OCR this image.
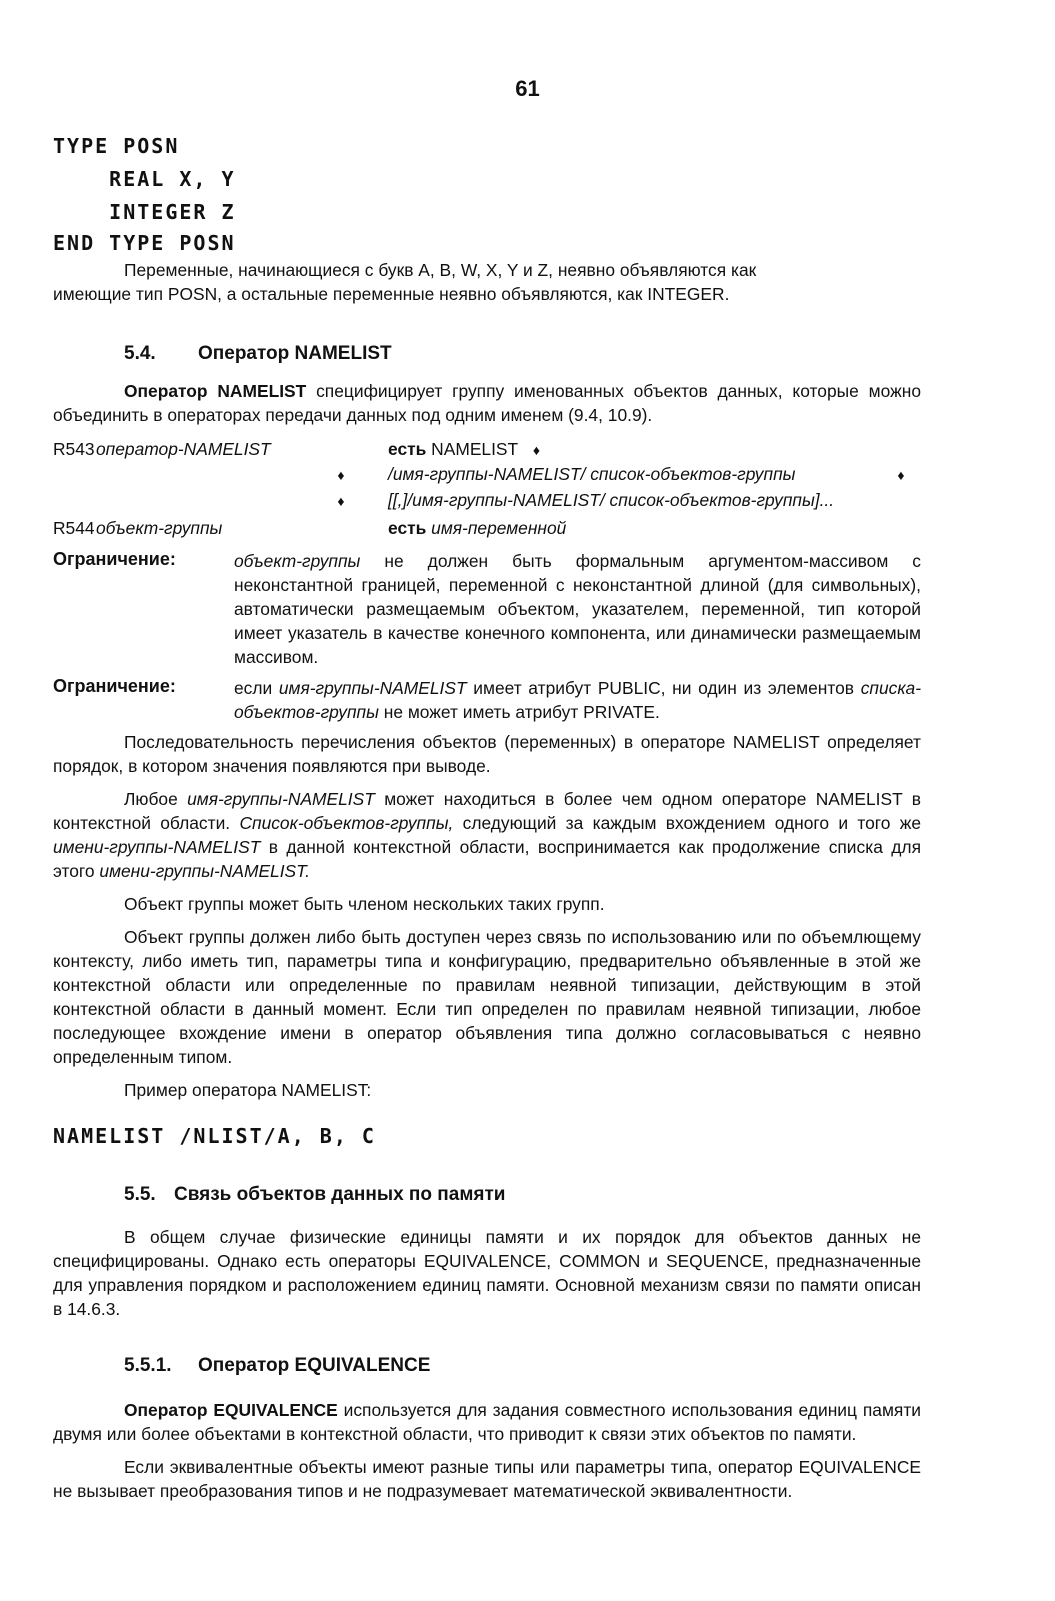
61
TYPE POSN
REAL X, Y
INTEGER Z
END TYPE POSN
Переменные, начинающиеся с букв A, B, W, X, Y и Z, неявно объявляются как
имеющие тип POSN, а остальные переменные неявно объявляются, как INTEGER.
5.4. Оператор NAMELIST

Оператор NAMELIST специфицирует группу именованных объектов данных, которые можно объединить в операторах передачи данных под одним именем (9.4, 10.9).

R543 оператор-NAMELIST	есть NAMELIST ♦
♦	/имя-группы-NAMELIST/ список-объектов-группы	♦
♦	[[,]/имя-группы-NAMELIST/ список-объектов-группы]...
R544 объект-группы	есть имя-переменной
Ограничение:	объект-группы не должен быть формальным аргументом-массивом с неконстантной границей, переменной с неконстантной длиной (для символьных), автоматически размещаемым объектом, указателем, переменной, тип которой имеет указатель в качестве конечного компонента, или динамически размещаемым массивом.
Ограничение:	если имя-группы-NAMELIST имеет атрибут PUBLIC, ни один из элементов списка-объектов-группы не может иметь атрибут PRIVATE.

Последовательность перечисления объектов (переменных) в операторе NAMELIST определяет порядок, в котором значения появляются при выводе.

Любое имя-группы-NAMELIST может находиться в более чем одном операторе NAMELIST в контекстной области. Список-объектов-группы, следующий за каждым вхождением одного и того же имени-группы-NAMELIST в данной контекстной области, воспринимается как продолжение списка для этого имени-группы-NAMELIST.

Объект группы может быть членом нескольких таких групп.

Объект группы должен либо быть доступен через связь по использованию или по объемлющему контексту, либо иметь тип, параметры типа и конфигурацию, предварительно объявленные в этой же контекстной области или определенные по правилам неявной типизации, действующим в этой контекстной области в данный момент. Если тип определен по правилам неявной типизации, любое последующее вхождение имени в оператор объявления типа должно согласовываться с неявно определенным типом.

Пример оператора NAMELIST:

NAMELIST /NLIST/A, B, C
5.5. Связь объектов данных по памяти

В общем случае физические единицы памяти и их порядок для объектов данных не специфицированы. Однако есть операторы EQUIVALENCE, COMMON и SEQUENCE, предназначенные для управления порядком и расположением единиц памяти. Основной механизм связи по памяти описан в 14.6.3.

5.5.1. Оператор EQUIVALENCE

Оператор EQUIVALENCE используется для задания совместного использования единиц памяти двумя или более объектами в контекстной области, что приводит к связи этих объектов по памяти.

Если эквивалентные объекты имеют разные типы или параметры типа, оператор EQUIVALENCE не вызывает преобразования типов и не подразумевает математической эквивалентности.
